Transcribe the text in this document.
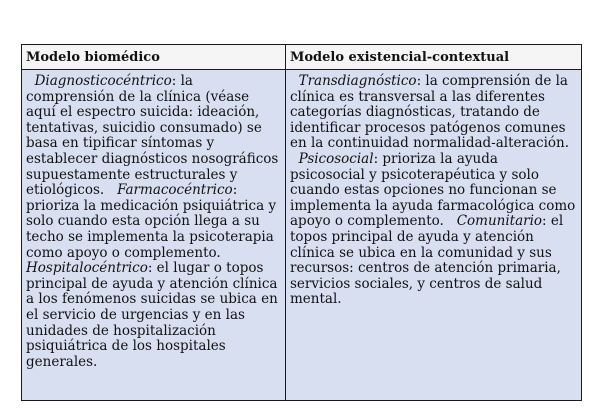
Modelo biomédico	Modelo existencial-contextual

Diagnosticocéntrico: la comprensión de la clínica (véase aquí el espectro suicida: ideación, tentativas, suicidio consumado) se basa en tipificar síntomas y establecer diagnósticos nosográficos supuestamente estructurales y etiológicos. Farmacocéntrico: prioriza la medicación psiquiátrica y solo cuando esta opción llega a su techo se implementa la psicoterapia como apoyo o complemento. Hospitalocéntrico: el lugar o topos principal de ayuda y atención clínica a los fenómenos suicidas se ubica en el servicio de urgencias y en las unidades de hospitalización psiquiátrica de los hospitales generales.

Transdiagnóstico: la comprensión de la clínica es transversal a las diferentes categorías diagnósticas, tratando de identificar procesos patógenos comunes en la continuidad normalidad-alteración.   Psicosocial: prioriza la ayuda psicosocial y psicoterapéutica y solo cuando estas opciones no funcionan se implementa la ayuda farmacológica como apoyo o complemento. Comunitario: el topos principal de ayuda y atención clínica se ubica en la comunidad y sus recursos: centros de atención primaria, servicios sociales, y centros de salud mental.
